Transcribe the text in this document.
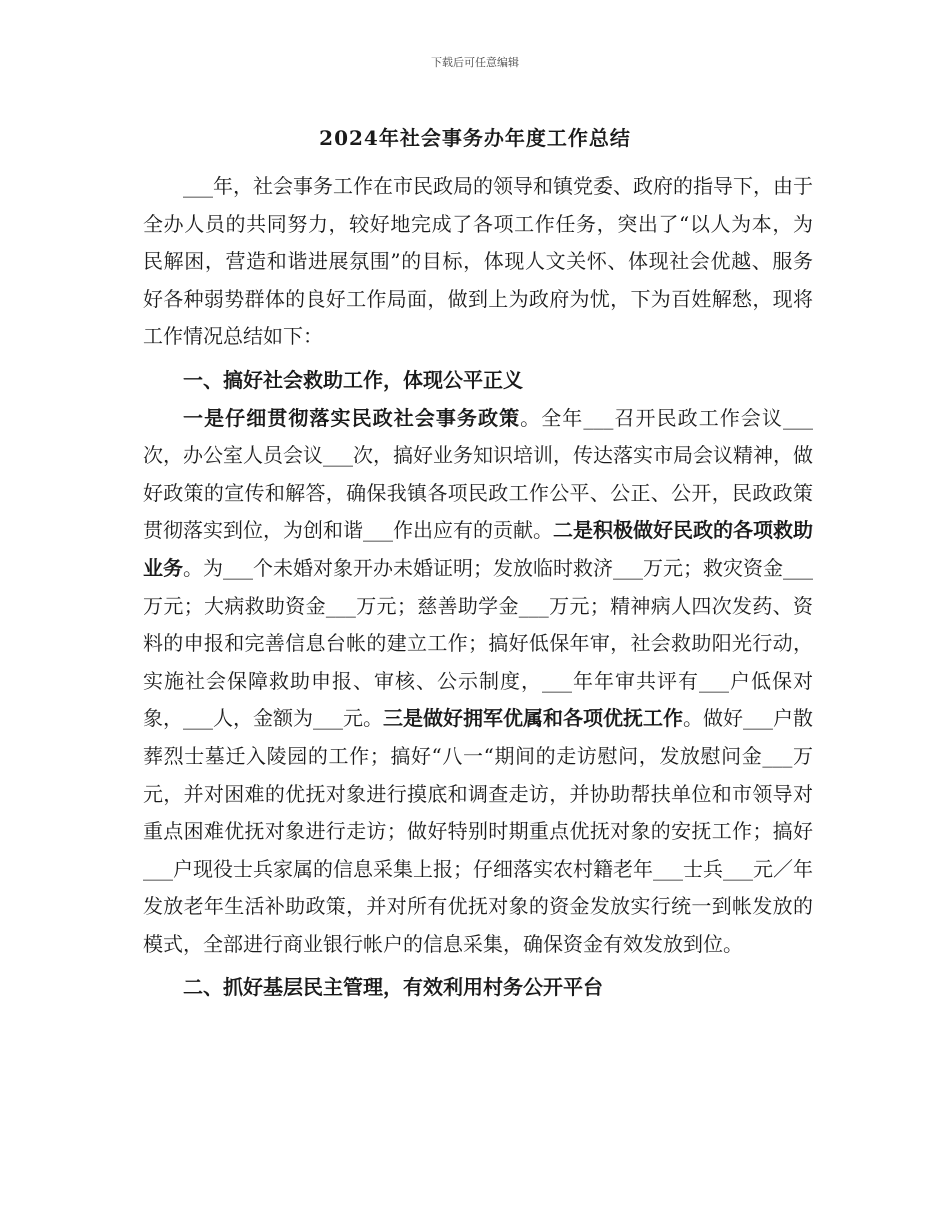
下载后可任意编辑
2024年社会事务办年度工作总结

___年，社会事务工作在市民政局的领导和镇党委、政府的指导下，由于全办人员的共同努力，较好地完成了各项工作任务，突出了“以人为本，为民解困，营造和谐进展氛围”的目标，体现人文关怀、体现社会优越、服务好各种弱势群体的良好工作局面，做到上为政府为忧，下为百姓解愁，现将工作情况总结如下：

一、搞好社会救助工作，体现公平正义

一是仔细贯彻落实民政社会事务政策。全年___召开民政工作会议___次，办公室人员会议___次，搞好业务知识培训，传达落实市局会议精神，做好政策的宣传和解答，确保我镇各项民政工作公平、公正、公开，民政政策贯彻落实到位，为创和谐___作出应有的贡献。二是积极做好民政的各项救助业务。为___个未婚对象开办未婚证明；发放临时救济___万元；救灾资金___万元；大病救助资金___万元；慈善助学金___万元；精神病人四次发药、资料的申报和完善信息台帐的建立工作；搞好低保年审，社会救助阳光行动，实施社会保障救助申报、审核、公示制度，___年年审共评有___户低保对象，___人，金额为___元。三是做好拥军优属和各项优抚工作。做好___户散葬烈士墓迁入陵园的工作；搞好“八一“期间的走访慰问，发放慰问金___万元，并对困难的优抚对象进行摸底和调查走访，并协助帮扶单位和市领导对重点困难优抚对象进行走访；做好特别时期重点优抚对象的安抚工作；搞好___户现役士兵家属的信息采集上报；仔细落实农村籍老年___士兵___元／年发放老年生活补助政策，并对所有优抚对象的资金发放实行统一到帐发放的模式，全部进行商业银行帐户的信息采集，确保资金有效发放到位。

二、抓好基层民主管理，有效利用村务公开平台
